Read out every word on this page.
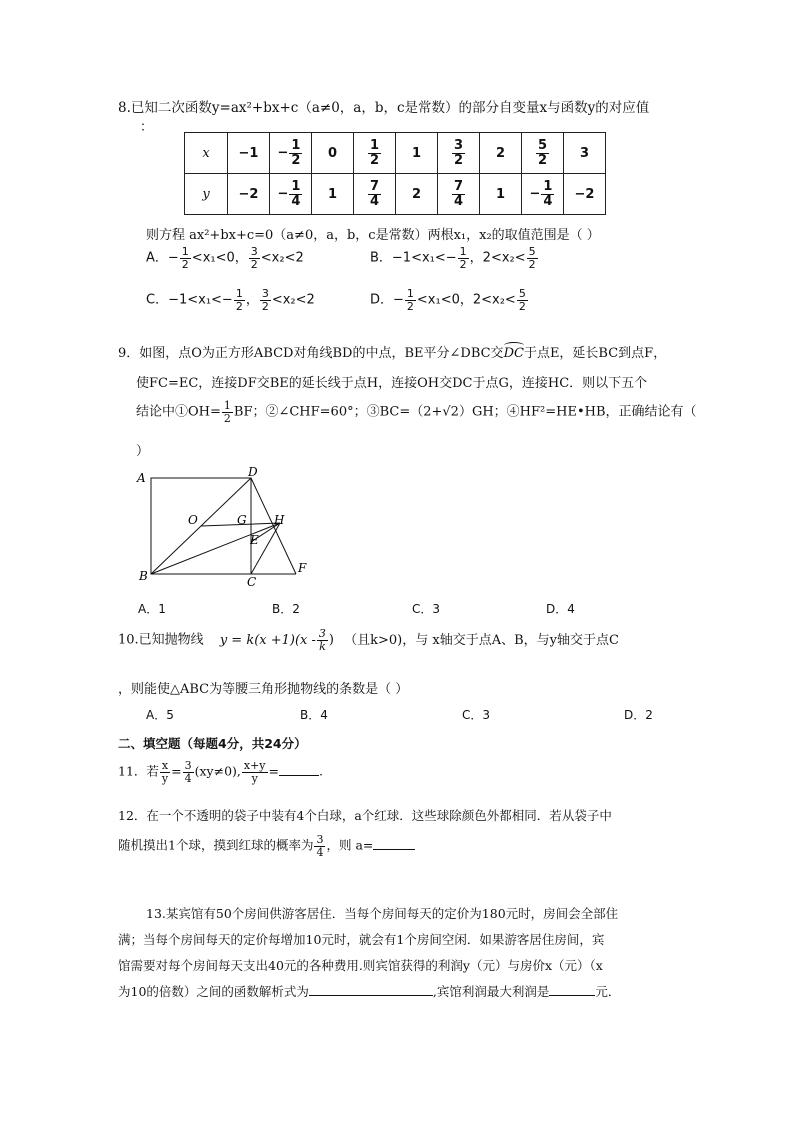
8.已知二次函数y=ax²+bx+c（a≠0，a，b，c是常数）的部分自变量x与函数y的对应值
：
x	−1	− $\frac{1}{2}$	0	$\frac{1}{2}$	1	$\frac{3}{2}$	2	$\frac{5}{2}$	3
y	−2	− $\frac{1}{4}$	1	$\frac{7}{4}$	2	$\frac{7}{4}$	1	− $\frac{1}{4}$	−2
则方程 ax²+bx+c=0（a≠0，a，b，c是常数）两根x₁，x₂的取值范围是（ ）
A．− $\frac{1}{2} <x_1<0$， $\frac{3}{2} <x_2<2$	B．$-1<x_1<- \frac{1}{2}$ ，$2<x_2< \frac{5}{2}$
C．$-1<x_1<- \frac{1}{2}$ ， $\frac{3}{2} <x_2<2$	D．− $\frac{1}{2} <x_1<0$，$2<x_2< \frac{5}{2}$
9．如图，点O为正方形ABCD对角线BD的中点，BE平分∠DBC交DC于点E，延长BC到点F，
使FC=EC，连接DF交BE的延长线于点H，连接OH交DC于点G，连接HC．则以下五个
结论中①OH= $\frac{1}{2}$ BF；②∠CHF=60°；③BC=（2+√2）GH；④HF²=HE•HB，正确结论有（
）
A	D
O	G H
E
B	C
F
A．1	B．2	C．3	D．4
10.已知抛物线 $y = k(x +1)(x - \frac{3}{k}$ ) （且k>0)，与 x轴交于点A、B，与y轴交于点C
，则能使△ABC为等腰三角形抛物线的条数是（ ）
A．5	B．4	C．3	D．2
二、填空题（每题4分，共24分）
11．若 $\frac{x}{y} = \frac{3}{4} (xy\ne 0)$, $\frac{x+y}{y}$ =	.
12．在一个不透明的袋子中装有4个白球，a个红球．这些球除颜色外都相同．若从袋子中
随机摸出1个球，摸到红球的概率为 $\frac{3}{4}$ ，则 a=
13.某宾馆有50个房间供游客居住．当每个房间每天的定价为180元时，房间会全部住
满；当每个房间每天的定价每增加10元时，就会有1个房间空闲．如果游客居住房间，宾
馆需要对每个房间每天支出40元的各种费用.则宾馆获得的利润y（元）与房价x（元）（x
为10的倍数）之间的函数解析式为	,宾馆利润最大利润是	元．
